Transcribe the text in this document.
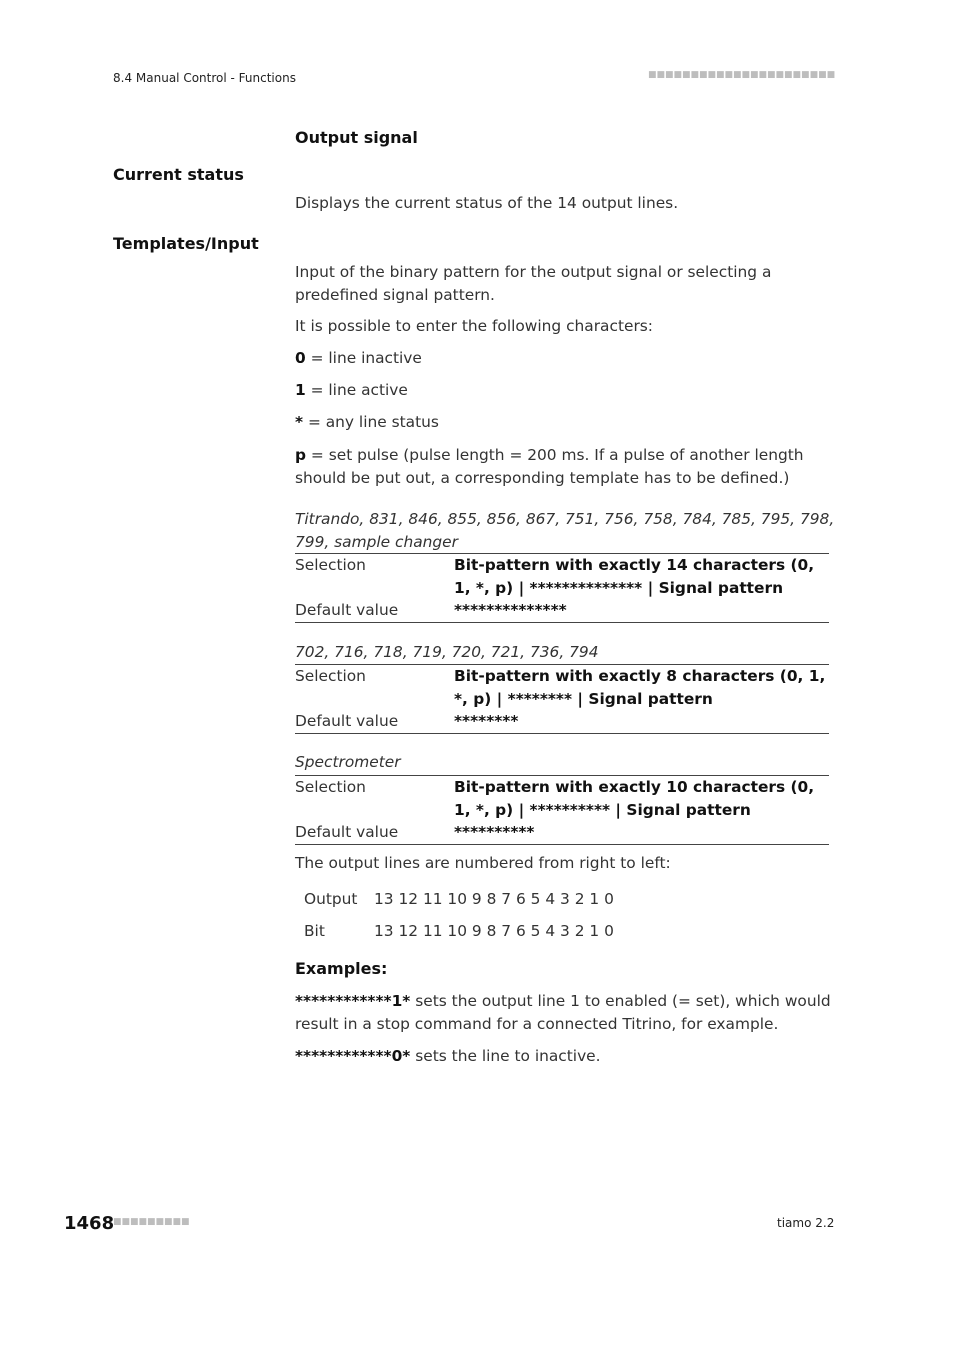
8.4 Manual Control - Functions	■■■■■■■■■■■■■■■■■■■■■■
Output signal
Current status
Displays the current status of the 14 output lines.
Templates/Input
Input of the binary pattern for the output signal or selecting a predefined signal pattern.
It is possible to enter the following characters:
0 = line inactive
1 = line active
* = any line status
p = set pulse (pulse length = 200 ms. If a pulse of another length should be put out, a corresponding template has to be defined.)
Titrando, 831, 846, 855, 856, 867, 751, 756, 758, 784, 785, 795, 798, 799, sample changer
Selection	Bit-pattern with exactly 14 characters (0, 1, *, p) | ************** | Signal pattern
Default value	**************
702, 716, 718, 719, 720, 721, 736, 794
Selection	Bit-pattern with exactly 8 characters (0, 1, *, p) | ******** | Signal pattern
Default value	********
Spectrometer
Selection	Bit-pattern with exactly 10 characters (0, 1, *, p) | ********** | Signal pattern
Default value	**********
The output lines are numbered from right to left:
Output 13 12 11 10 9 8 7 6 5 4 3 2 1 0
Bit	13 12 11 10 9 8 7 6 5 4 3 2 1 0
Examples:
************1* sets the output line 1 to enabled (= set), which would result in a stop command for a connected Titrino, for example.
************0* sets the line to inactive.
1468
■■■■■■■■■	tiamo 2.2
